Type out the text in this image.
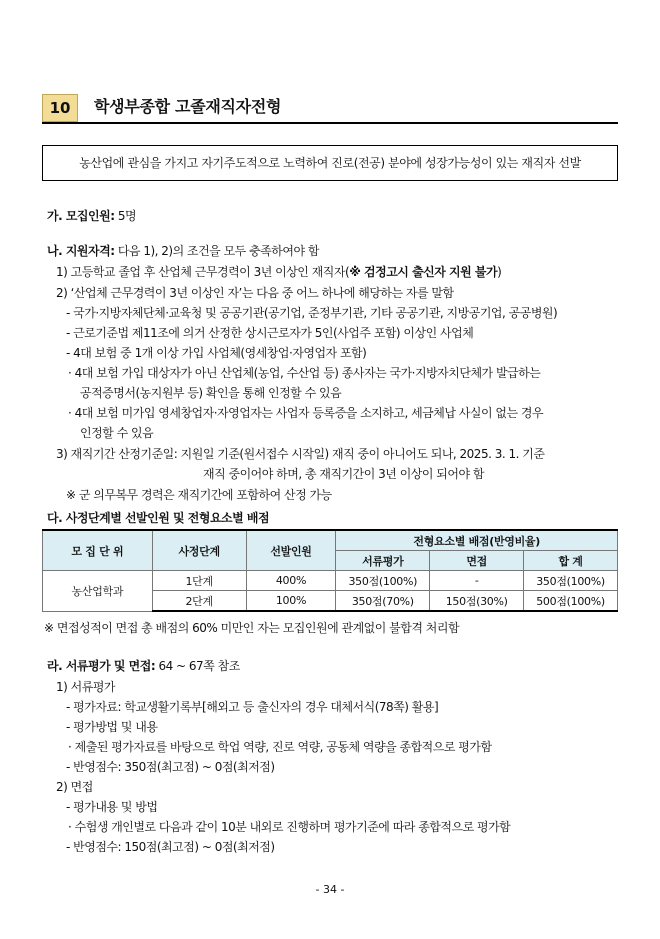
10	학생부종합 고졸재직자전형
농산업에 관심을 가지고 자기주도적으로 노력하여 진로(전공) 분야에 성장가능성이 있는 재직자 선발
가. 모집인원: 5명
나. 지원자격: 다음 1), 2)의 조건을 모두 충족하여야 함
1) 고등학교 졸업 후 산업체 근무경력이 3년 이상인 재직자(※ 검정고시 출신자 지원 불가)
2) ‘산업체 근무경력이 3년 이상인 자’는 다음 중 어느 하나에 해당하는 자를 말함
- 국가·지방자체단체·교육청 및 공공기관(공기업, 준정부기관, 기타 공공기관, 지방공기업, 공공병원)
- 근로기준법 제11조에 의거 산정한 상시근로자가 5인(사업주 포함) 이상인 사업체
- 4대 보험 중 1개 이상 가입 사업체(영세창업·자영업자 포함)
· 4대 보험 가입 대상자가 아닌 산업체(농업, 수산업 등) 종사자는 국가·지방자치단체가 발급하는
공적증명서(농지원부 등) 확인을 통해 인정할 수 있음
· 4대 보험 미가입 영세창업자·자영업자는 사업자 등록증을 소지하고, 세금체납 사실이 없는 경우
인정할 수 있음
3) 재직기간 산정기준일: 지원일 기준(원서접수 시작일) 재직 중이 아니어도 되나, 2025. 3. 1. 기준
재직 중이어야 하며, 총 재직기간이 3년 이상이 되어야 함
※ 군 의무복무 경력은 재직기간에 포함하여 산정 가능
다. 사정단계별 선발인원 및 전형요소별 배점
모 집 단 위	사정단계	선발인원	전형요소별 배점(반영비율)		
			서류평가	면접	합 계
농산업학과	1단계	400%	350점(100%)	-	350점(100%)
	2단계	100%	350점(70%)	150점(30%)	500점(100%)
※ 면접성적이 면접 총 배점의 60% 미만인 자는 모집인원에 관계없이 불합격 처리함
라. 서류평가 및 면접: 64 ~ 67쪽 참조
1) 서류평가
- 평가자료: 학교생활기록부[해외고 등 출신자의 경우 대체서식(78쪽) 활용]
- 평가방법 및 내용
· 제출된 평가자료를 바탕으로 학업 역량, 진로 역량, 공동체 역량을 종합적으로 평가함
- 반영점수: 350점(최고점) ~ 0점(최저점)
2) 면접
- 평가내용 및 방법
· 수험생 개인별로 다음과 같이 10분 내외로 진행하며 평가기준에 따라 종합적으로 평가함
- 반영점수: 150점(최고점) ~ 0점(최저점)
- 34 -
